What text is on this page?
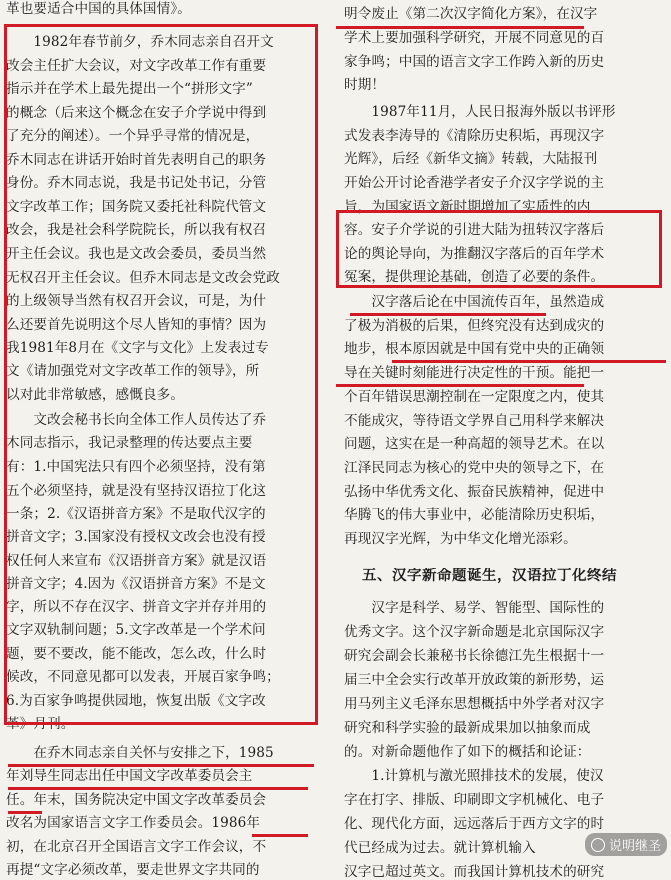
革也要适合中国的具体国情》。
　　1982年春节前夕，乔木同志亲自召开文
改会主任扩大会议，对文字改革工作有重要
指示并在学术上最先提出一个“拼形文字”
的概念（后来这个概念在安子介学说中得到
了充分的阐述）。一个异乎寻常的情况是，
乔木同志在讲话开始时首先表明自己的职务
身份。乔木同志说，我是书记处书记，分管
文字改革工作；国务院又委托社科院代管文
改会，我是社会科学院院长，所以我有权召
开主任会议。我也是文改会委员，委员当然
无权召开主任会议。但乔木同志是文改会党政
的上级领导当然有权召开会议，可是，为什
么还要首先说明这个尽人皆知的事情？因为
我1981年8月在《文字与文化》上发表过专
文《请加强党对文字改革工作的领导》，所
以对此非常敏感，感慨良多。
　　文改会秘书长向全体工作人员传达了乔
木同志指示，我记录整理的传达要点主要
有：1.中国宪法只有四个必须坚持，没有第
五个必须坚持，就是没有坚持汉语拉丁化这
一条；2.《汉语拼音方案》不是取代汉字的
拼音文字；3.国家没有授权文改会也没有授
权任何人来宣布《汉语拼音方案》就是汉语
拼音文字；4.因为《汉语拼音方案》不是文
字，所以不存在汉字、拼音文字并存并用的
文字双轨制问题；5.文字改革是一个学术问
题，要不要改，能不能改，怎么改，什么时
候改，不同意见都可以发表，开展百家争鸣；
6.为百家争鸣提供园地，恢复出版《文字改
革》月刊。
　　在乔木同志亲自关怀与安排之下，1985
年刘导生同志出任中国文字改革委员会主
任。年末，国务院决定中国文字改革委员会
改名为国家语言文字工作委员会。1986年
初，在北京召开全国语言文字工作会议，不
再提“文字必须改革，要走世界文字共同的
明令废止《第二次汉字简化方案》，在汉字
学术上要加强科学研究，开展不同意见的百
家争鸣；中国的语言文字工作跨入新的历史
时期！
　　1987年11月，人民日报海外版以书评形
式发表李涛导的《清除历史积垢，再现汉字
光辉》，后经《新华文摘》转载，大陆报刊
开始公开讨论香港学者安子介汉字学说的主
旨，为国家语文新时期增加了实质性的内
容。安子介学说的引进大陆为扭转汉字落后
论的舆论导向，为推翻汉字落后的百年学术
冤案，提供理论基础，创造了必要的条件。
　　汉字落后论在中国流传百年，虽然造成
了极为消极的后果，但终究没有达到成灾的
地步，根本原因就是中国有党中央的正确领
导在关键时刻能进行决定性的干预。能把一
个百年错误思潮控制在一定限度之内，使其
不能成灾，等待语文学界自己用科学来解决
问题，这实在是一种高超的领导艺术。在以
江泽民同志为核心的党中央的领导之下，在
弘扬中华优秀文化、振奋民族精神，促进中
华腾飞的伟大事业中，必能清除历史积垢，
再现汉字光辉，为中华文化增光添彩。
五、汉字新命题诞生，汉语拉丁化终结
　　汉字是科学、易学、智能型、国际性的
优秀文字。这个汉字新命题是北京国际汉字
研究会副会长兼秘书长徐德江先生根据十一
届三中全会实行改革开放政策的新形势，运
用马列主义毛泽东思想概括中外学者对汉字
研究和科学实验的最新成果加以抽象而成
的。对新命题他作了如下的概括和论证：
　　1.计算机与激光照排技术的发展，使汉
字在打字、排版、印刷即文字机械化、电子
化、现代化方面，远远落后于西方文字的时
代已经成为过去。就计算机输入
汉字已超过英文。而我国计算机技术的研究
说明继圣
